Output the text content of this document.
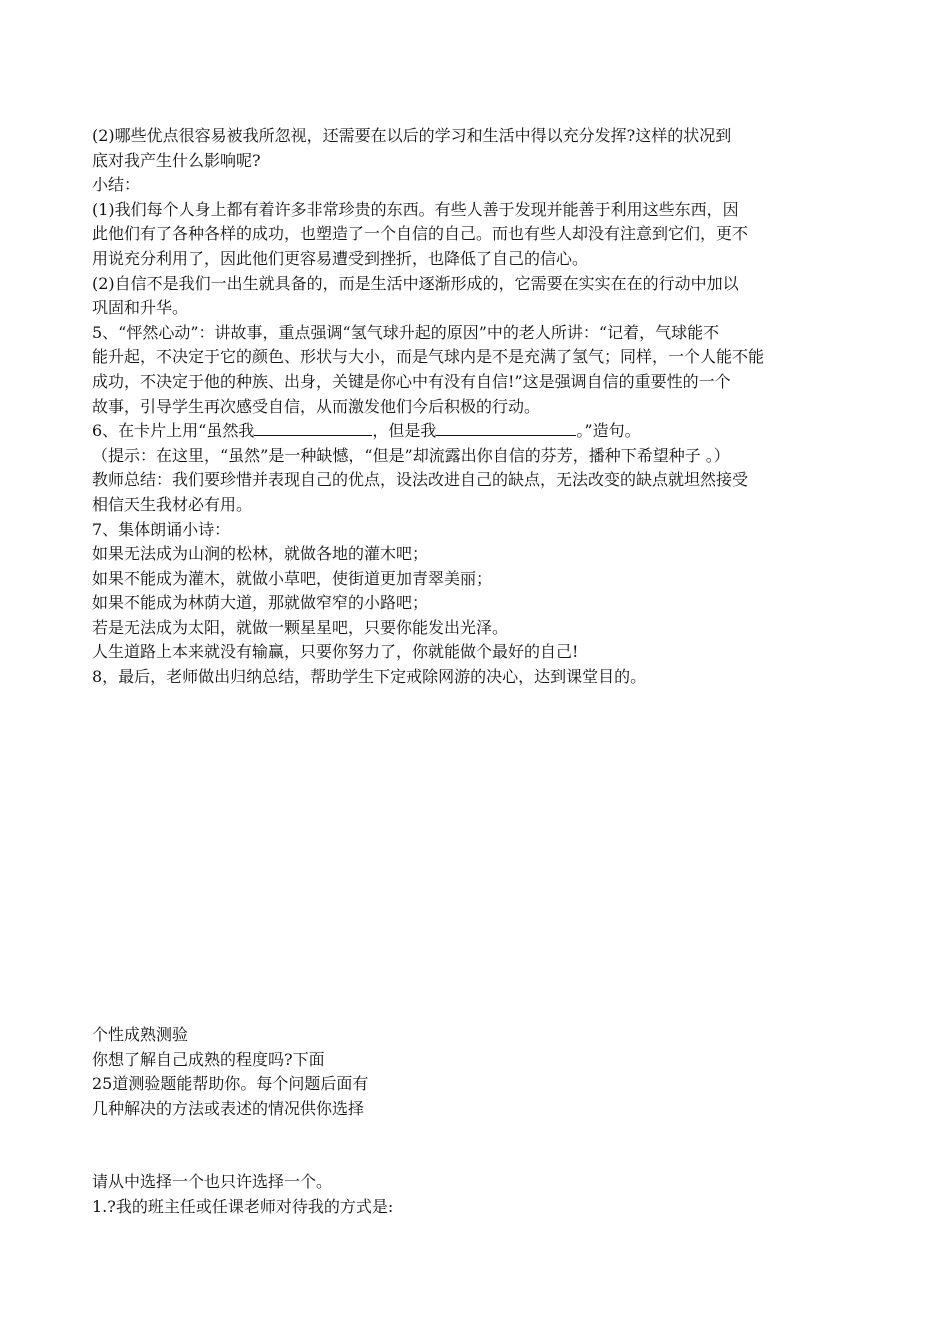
(2)哪些优点很容易被我所忽视，还需要在以后的学习和生活中得以充分发挥?这样的状况到
底对我产生什么影响呢?
小结：
(1)我们每个人身上都有着许多非常珍贵的东西。有些人善于发现并能善于利用这些东西，因
此他们有了各种各样的成功，也塑造了一个自信的自己。而也有些人却没有注意到它们，更不
用说充分利用了，因此他们更容易遭受到挫折，也降低了自己的信心。
(2)自信不是我们一出生就具备的，而是生活中逐渐形成的，它需要在实实在在的行动中加以
巩固和升华。
5、“怦然心动”：讲故事，重点强调“氢气球升起的原因”中的老人所讲：“记着，气球能不
能升起，不决定于它的颜色、形状与大小，而是气球内是不是充满了氢气；同样，一个人能不能
成功，不决定于他的种族、出身，关键是你心中有没有自信!”这是强调自信的重要性的一个
故事，引导学生再次感受自信，从而激发他们今后积极的行动。
6、在卡片上用“虽然我	，但是我	。”造句。
（提示：在这里，“虽然”是一种缺憾，“但是”却流露出你自信的芬芳，播种下希望种子 。）
教师总结：我们要珍惜并表现自己的优点，设法改进自己的缺点，无法改变的缺点就坦然接受
相信天生我材必有用。
7、集体朗诵小诗：
如果无法成为山涧的松林，就做各地的灌木吧；
如果不能成为灌木，就做小草吧，使街道更加青翠美丽；
如果不能成为林荫大道，那就做窄窄的小路吧；
若是无法成为太阳，就做一颗星星吧，只要你能发出光泽。
人生道路上本来就没有输赢，只要你努力了，你就能做个最好的自己!
8，最后，老师做出归纳总结，帮助学生下定戒除网游的决心，达到课堂目的。
个性成熟测验
你想了解自己成熟的程度吗?下面
25道测验题能帮助你。每个问题后面有
几种解决的方法或表述的情况供你选择
请从中选择一个也只许选择一个。
1.?我的班主任或任课老师对待我的方式是:
